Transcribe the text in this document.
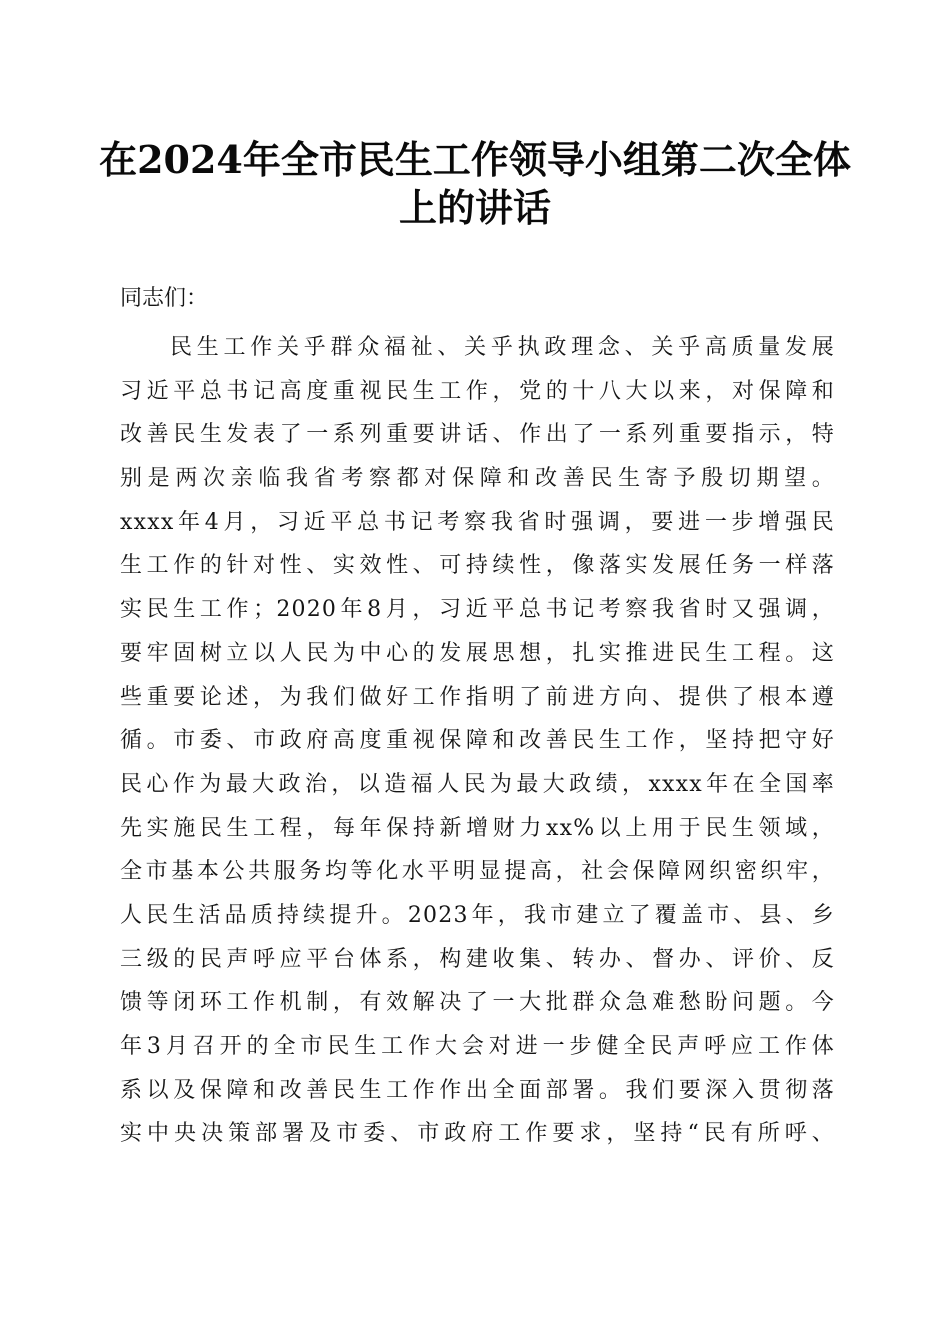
在2024年全市民生工作领导小组第二次全体
上的讲话
同志们：
民生工作关乎群众福祉、关乎执政理念、关乎高质量发展
习近平总书记高度重视民生工作，党的十八大以来，对保障和
改善民生发表了一系列重要讲话、作出了一系列重要指示，特
别是两次亲临我省考察都对保障和改善民生寄予殷切期望。
xxxx年4月，习近平总书记考察我省时强调，要进一步增强民
生工作的针对性、实效性、可持续性，像落实发展任务一样落
实民生工作；2020年8月，习近平总书记考察我省时又强调，
要牢固树立以人民为中心的发展思想，扎实推进民生工程。这
些重要论述，为我们做好工作指明了前进方向、提供了根本遵
循。市委、市政府高度重视保障和改善民生工作，坚持把守好
民心作为最大政治，以造福人民为最大政绩，xxxx年在全国率
先实施民生工程，每年保持新增财力xx%以上用于民生领域，
全市基本公共服务均等化水平明显提高，社会保障网织密织牢，
人民生活品质持续提升。2023年，我市建立了覆盖市、县、乡
三级的民声呼应平台体系，构建收集、转办、督办、评价、反
馈等闭环工作机制，有效解决了一大批群众急难愁盼问题。今
年3月召开的全市民生工作大会对进一步健全民声呼应工作体
系以及保障和改善民生工作作出全面部署。我们要深入贯彻落
实中央决策部署及市委、市政府工作要求，坚持“民有所呼、
